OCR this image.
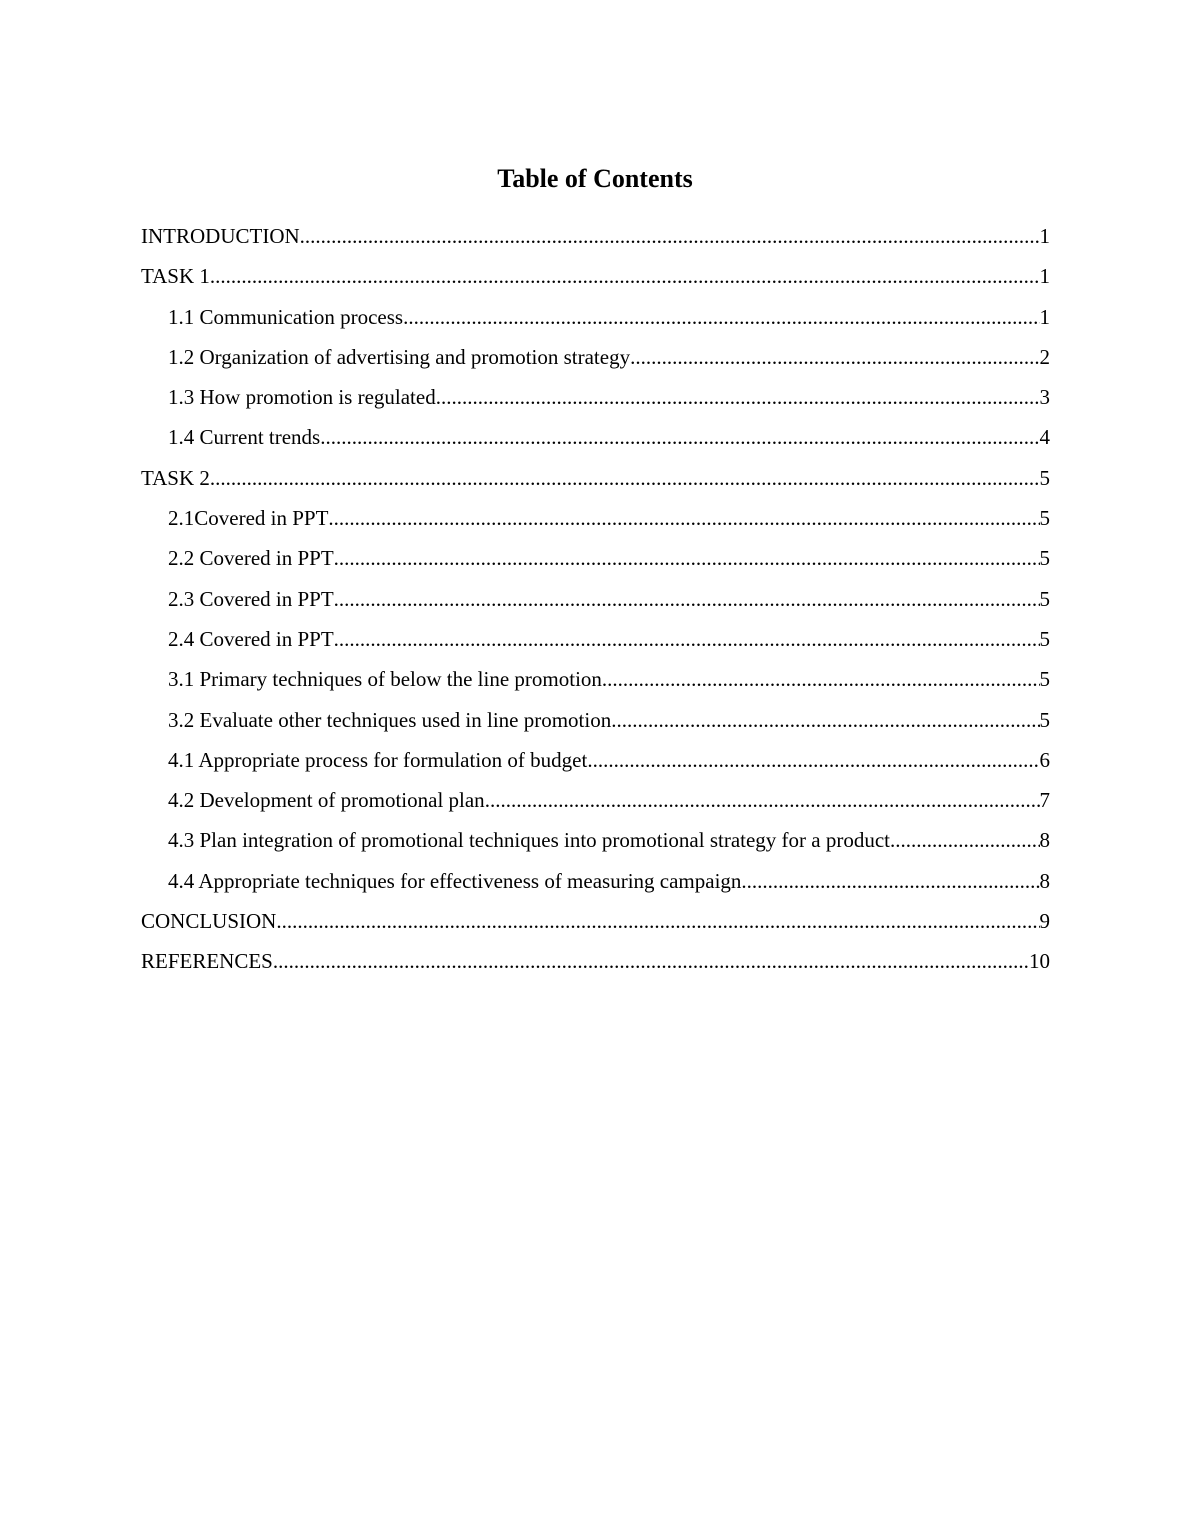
Table of Contents
INTRODUCTION .....	1
TASK 1 .....	1
1.1 Communication process .....	1
1.2 Organization of advertising and promotion strategy .....	2
1.3 How promotion is regulated .....	3
1.4 Current trends .....	4
TASK 2 .....	5
2.1Covered in PPT .....	5
2.2 Covered in PPT .....	5
2.3 Covered in PPT .....	5
2.4 Covered in PPT .....	5
3.1 Primary techniques of below the line promotion .....	5
3.2 Evaluate other techniques used in line promotion .....	5
4.1 Appropriate process for formulation of budget .....	6
4.2 Development of promotional plan .....	7
4.3 Plan integration of promotional techniques into promotional strategy for a product .....	8
4.4 Appropriate techniques for effectiveness of measuring campaign .....	8
CONCLUSION .....	9
REFERENCES .....	10
